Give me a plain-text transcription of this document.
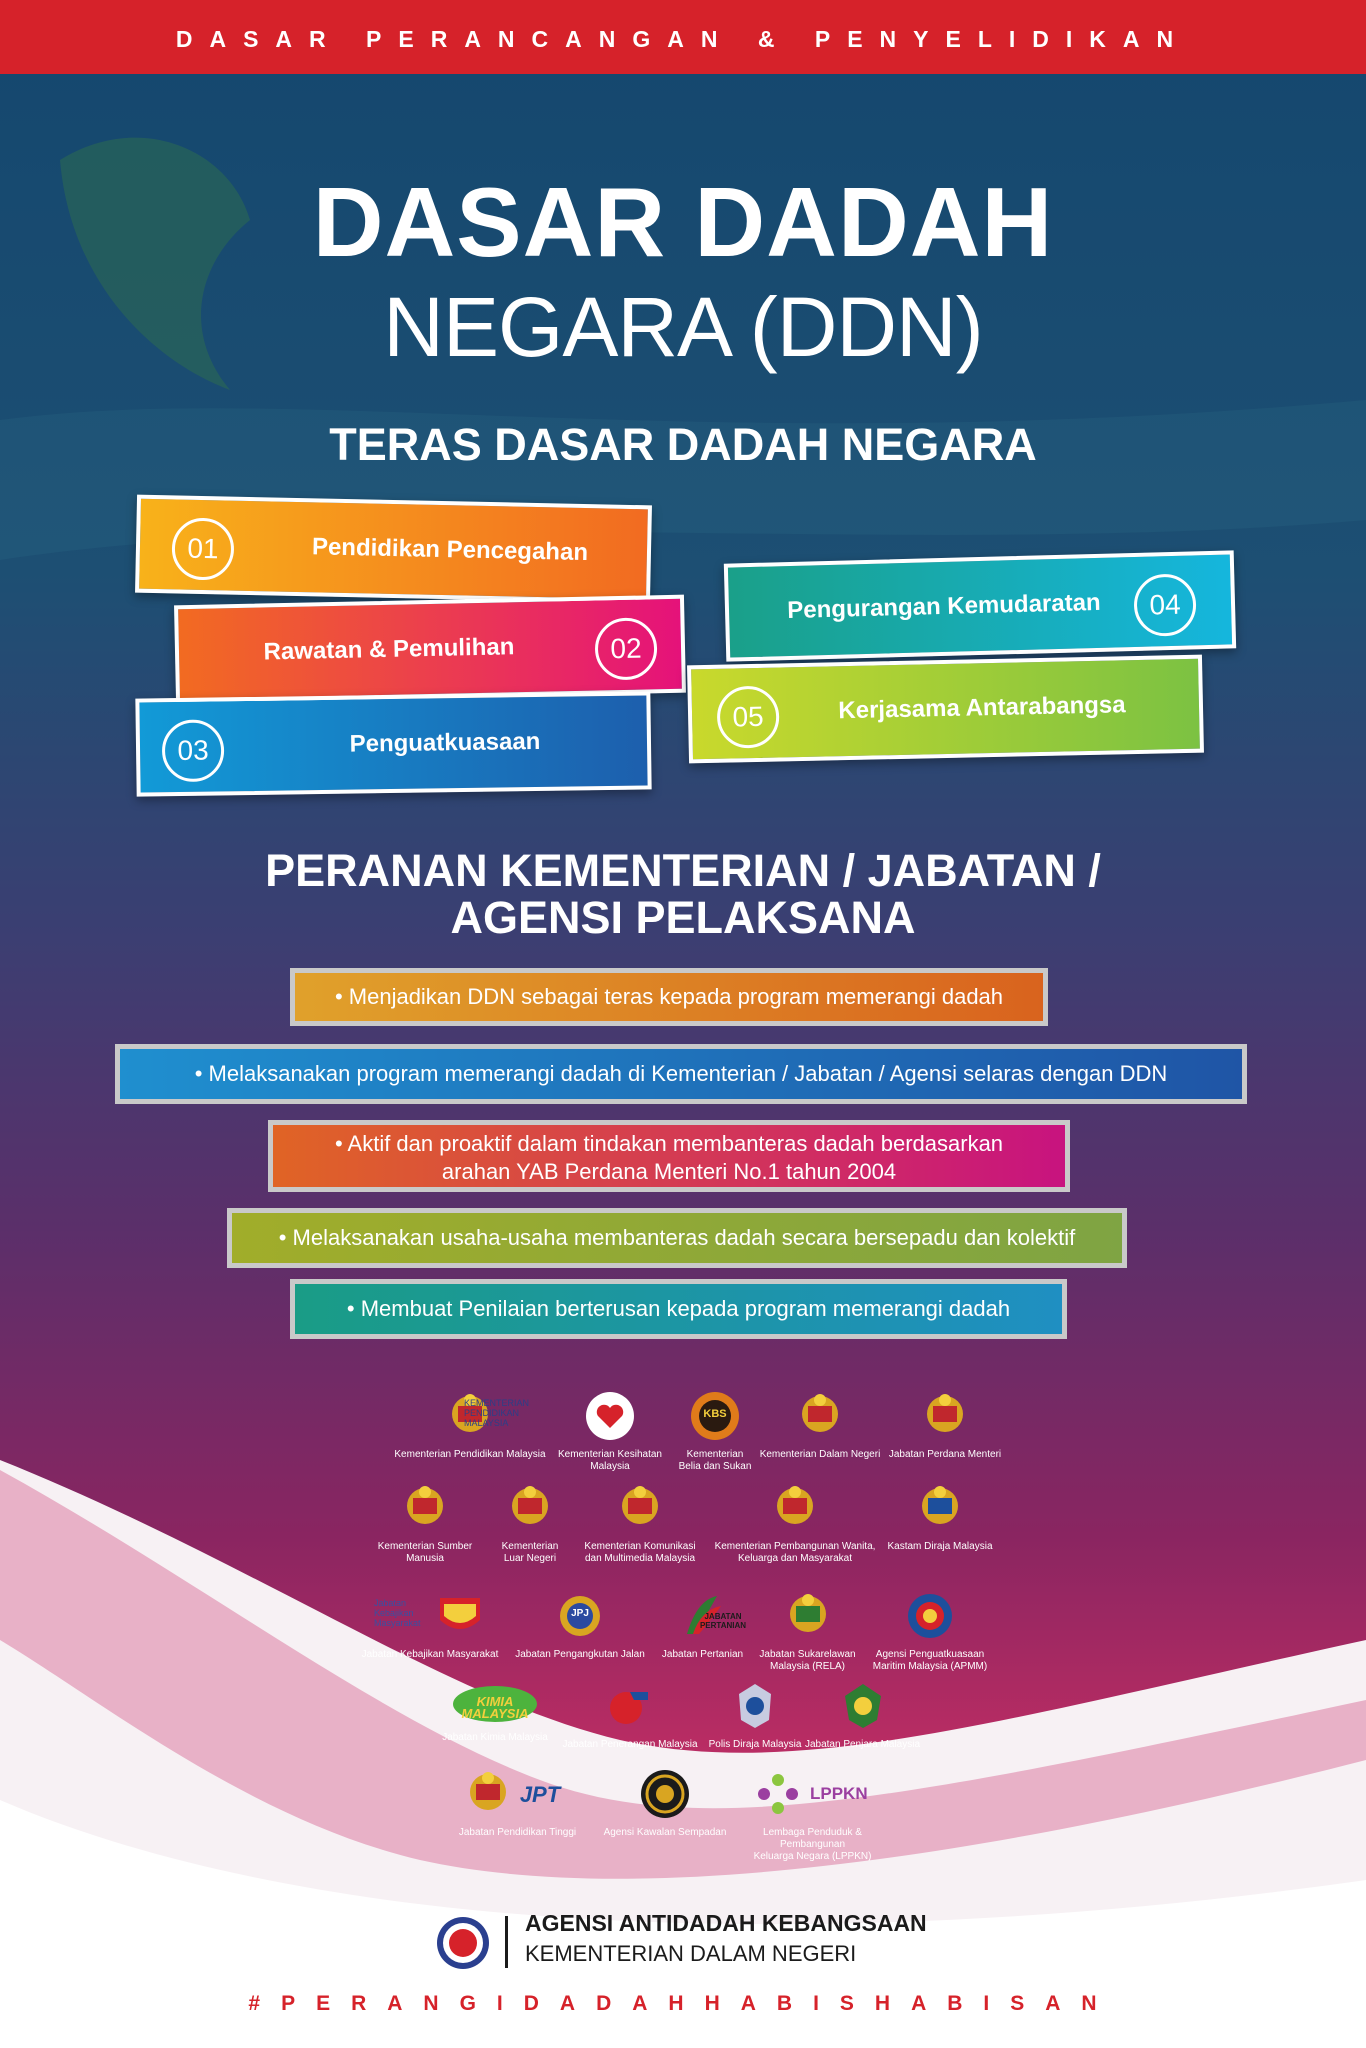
DASAR PERANCANGAN & PENYELIDIKAN
DASAR DADAH
NEGARA (DDN)
TERAS DASAR DADAH NEGARA
01	Pendidikan Pencegahan
Rawatan & Pemulihan	02
03	Penguatkuasaan
Pengurangan Kemudaratan	04
05	Kerjasama Antarabangsa
PERANAN KEMENTERIAN / JABATAN /
AGENSI PELAKSANA
• Menjadikan DDN sebagai teras kepada program memerangi dadah
• Melaksanakan program memerangi dadah di Kementerian / Jabatan / Agensi selaras dengan DDN
• Aktif dan proaktif dalam tindakan membanteras dadah berdasarkan
arahan YAB Perdana Menteri No.1 tahun 2004
• Melaksanakan usaha-usaha membanteras dadah secara bersepadu dan kolektif
• Membuat Penilaian berterusan kepada program memerangi dadah
KEMENTERIAN PENDIDIKAN MALAYSIA
Kementerian Pendidikan Malaysia	Kementerian Kesihatan
Malaysia
KBS
Kementerian
Belia dan Sukan
Kementerian Dalam Negeri Jabatan Perdana Menteri
Kementerian Sumber
Manusia
Kementerian
Luar Negeri
Kementerian Komunikasi
dan Multimedia Malaysia
Kementerian Pembangunan Wanita,
Keluarga dan Masyarakat
Kastam Diraja Malaysia
Jabatan Kebajikan Masyarakat
Jabatan Kebajikan Masyarakat
JPJ
Jabatan Pengangkutan Jalan
JABATAN PERTANIAN
Jabatan Pertanian	Jabatan Sukarelawan
Malaysia (RELA)
Agensi Penguatkuasaan
Maritim Malaysia (APMM)
KIMIA MALAYSIA
Jabatan Kimia Malaysia
Jabatan Penerangan Malaysia	Polis Diraja Malaysia Jabatan Penjara Malaysia
JPT
Jabatan Pendidikan Tinggi	Agensi Kawalan Sempadan
LPPKN
Lembaga Penduduk & Pembangunan
Keluarga Negara (LPPKN)
AGENSI ANTIDADAH KEBANGSAAN
KEMENTERIAN DALAM NEGERI
#PERANGIDADAHHABISHABISAN
